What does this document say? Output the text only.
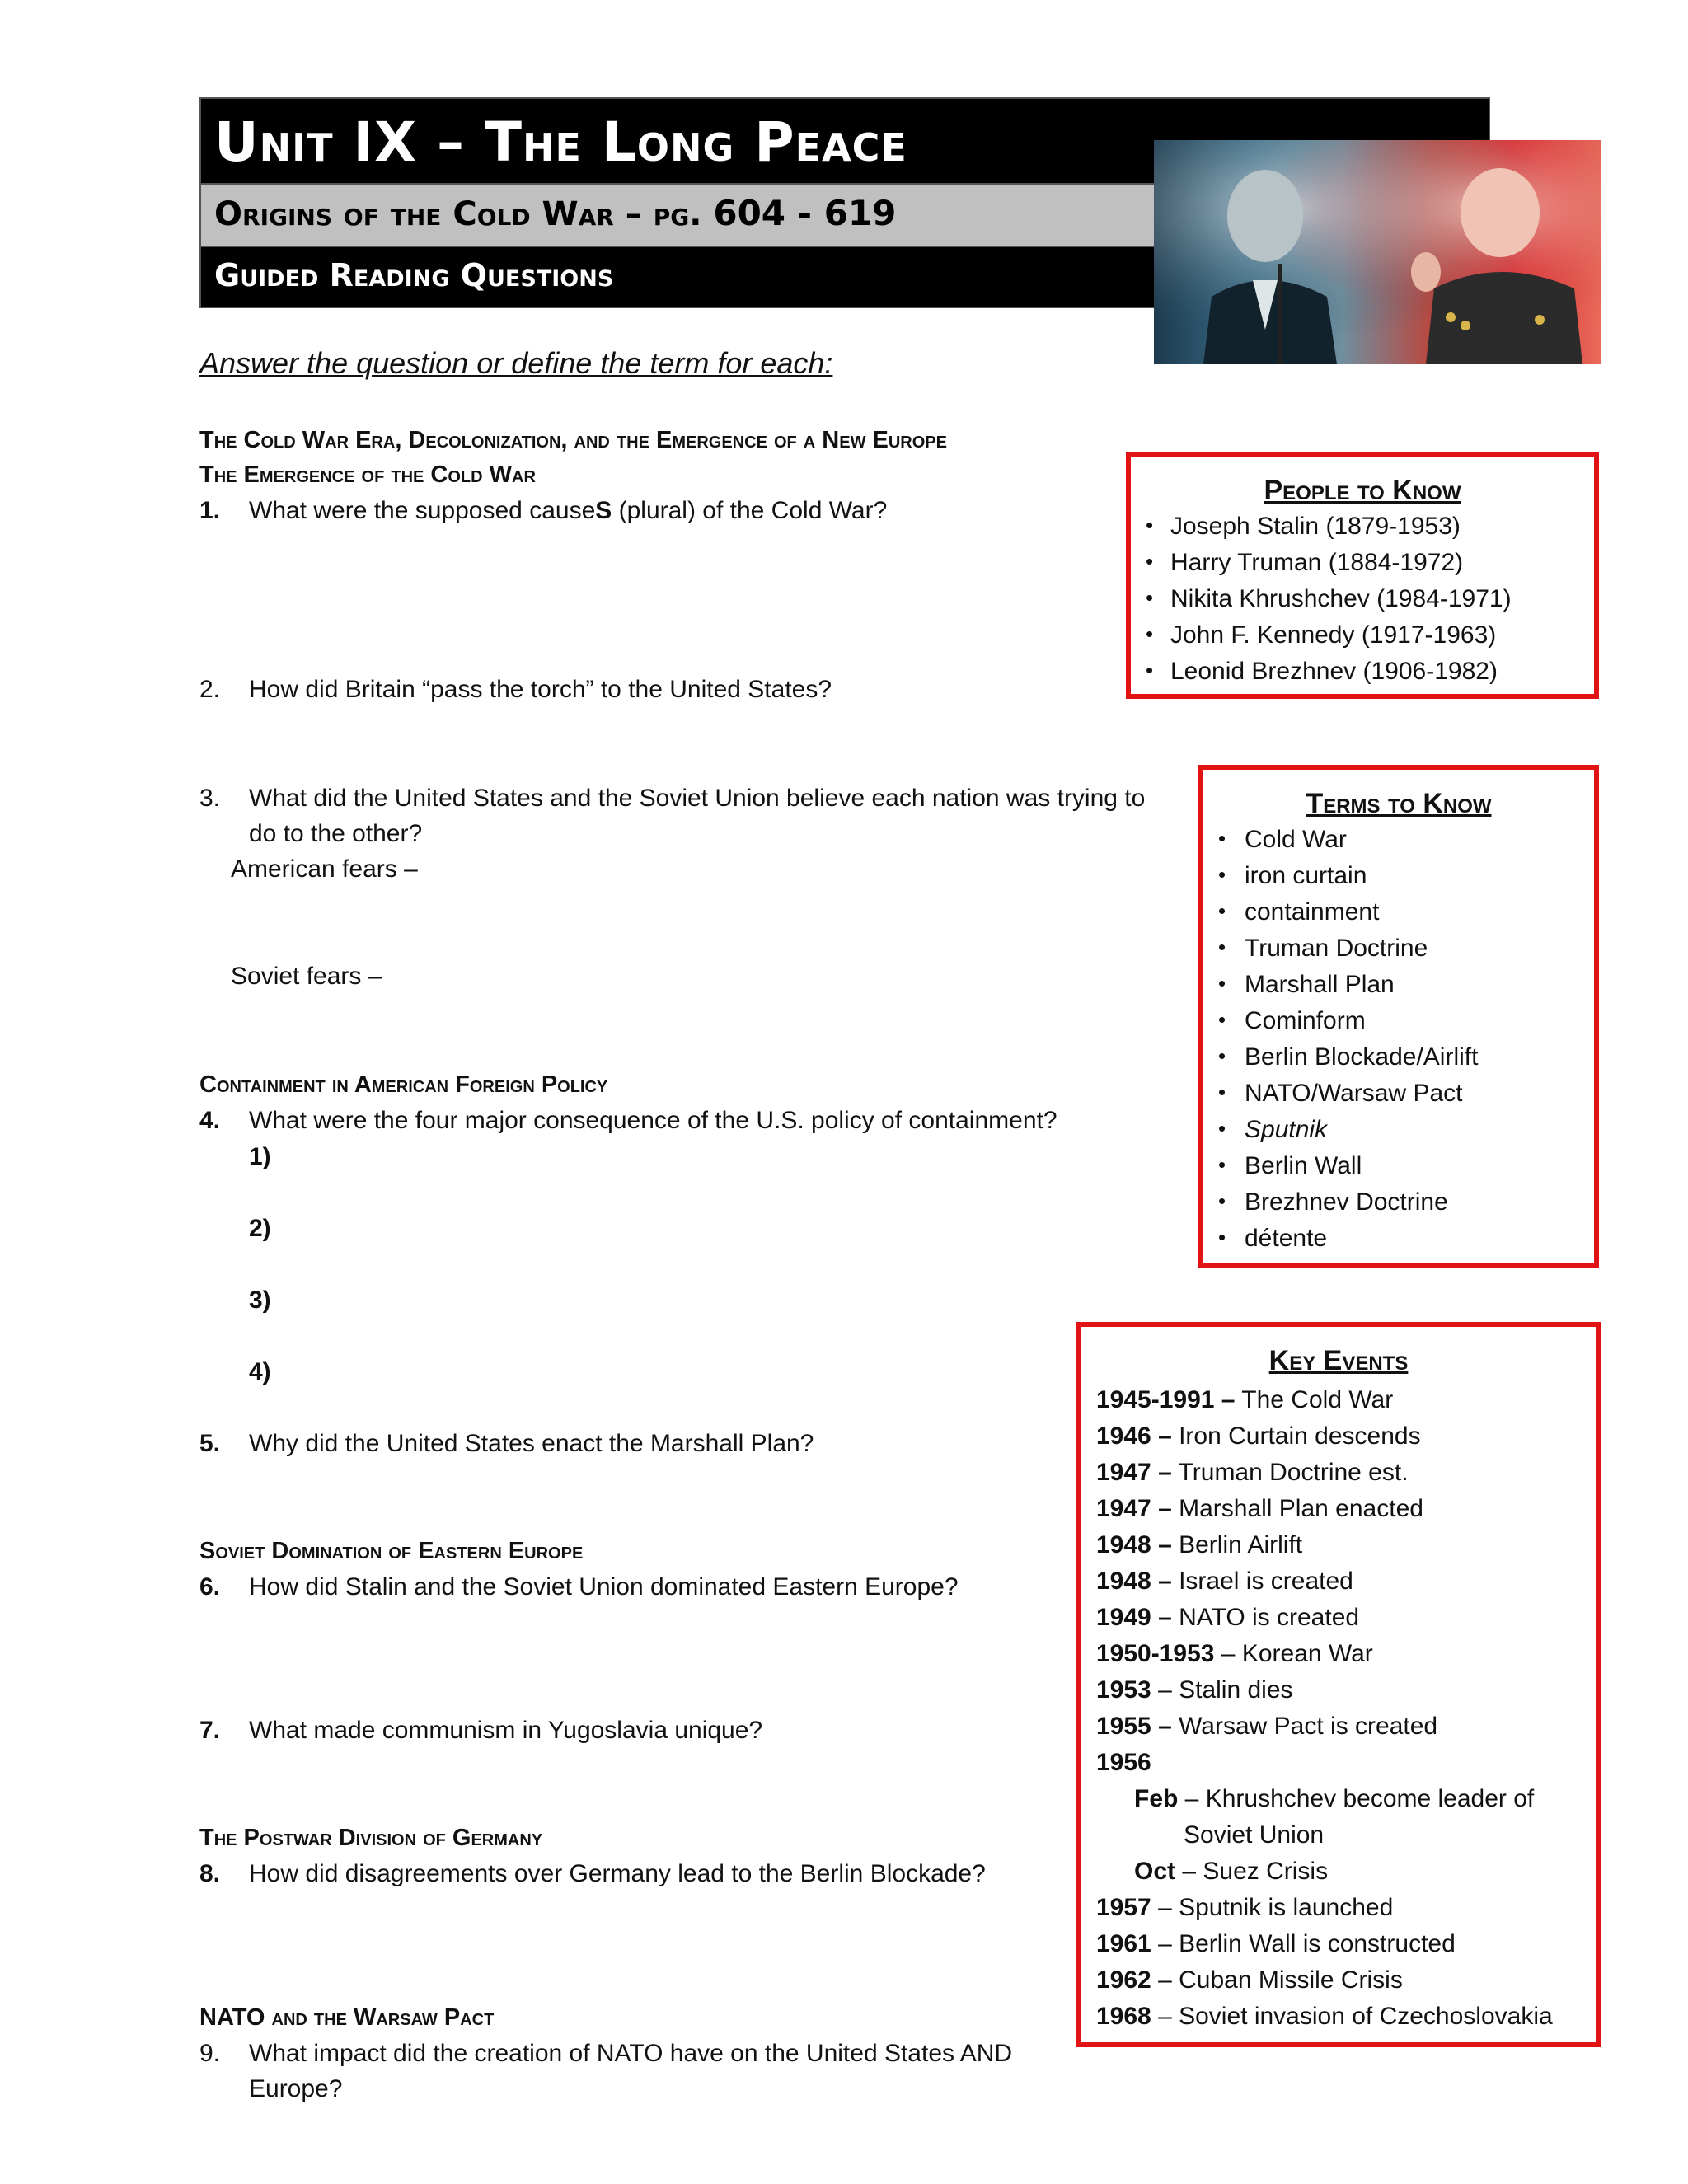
Unit IX – The Long Peace
Origins of the Cold War – pg. 604 - 619
Guided Reading Questions
Answer the question or define the term for each:
The Cold War Era, Decolonization, and the Emergence of a New Europe
The Emergence of the Cold War
1. What were the supposed causeS (plural) of the Cold War?
2. How did Britain “pass the torch” to the United States?
3. What did the United States and the Soviet Union believe each nation was trying to
do to the other?
American fears –
Soviet fears –
Containment in American Foreign Policy
4. What were the four major consequence of the U.S. policy of containment?
1)
2)
3)
4)
5. Why did the United States enact the Marshall Plan?
Soviet Domination of Eastern Europe
6. How did Stalin and the Soviet Union dominated Eastern Europe?
7. What made communism in Yugoslavia unique?
The Postwar Division of Germany
8. How did disagreements over Germany lead to the Berlin Blockade?
NATO and the Warsaw Pact
9. What impact did the creation of NATO have on the United States AND
Europe?
People to Know
• Joseph Stalin (1879-1953)
• Harry Truman (1884-1972)
• Nikita Khrushchev (1984-1971)
• John F. Kennedy (1917-1963)
• Leonid Brezhnev (1906-1982)
Terms to Know
• Cold War
• iron curtain
• containment
• Truman Doctrine
• Marshall Plan
• Cominform
• Berlin Blockade/Airlift
• NATO/Warsaw Pact
• Sputnik
• Berlin Wall
• Brezhnev Doctrine
• détente
Key Events
1945-1991 – The Cold War
1946 – Iron Curtain descends
1947 – Truman Doctrine est.
1947 – Marshall Plan enacted
1948 – Berlin Airlift
1948 – Israel is created
1949 – NATO is created
1950-1953 – Korean War
1953 – Stalin dies
1955 – Warsaw Pact is created
1956
Feb – Khrushchev become leader of
Soviet Union
Oct – Suez Crisis
1957 – Sputnik is launched
1961 – Berlin Wall is constructed
1962 – Cuban Missile Crisis
1968 – Soviet invasion of Czechoslovakia
